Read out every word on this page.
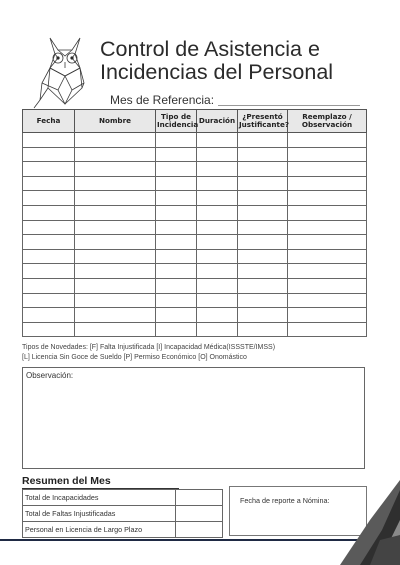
Control de Asistencia e
Incidencias del Personal
Mes de Referencia:
Fecha	Nombre	Tipo de Incidencia	Duración	¿Presentó Justificante?	Reemplazo / Observación

Tipos de Novedades: [F] Falta Injustificada [I] Incapacidad Médica(ISSSTE/IMSS)
[L] Licencia Sin Goce de Sueldo [P] Permiso Económico [O] Onomástico
Observación:
Resumen del Mes
Total de Incapacidades	
Total de Faltas Injustificadas	
Personal en Licencia de Largo Plazo	
Fecha de reporte a Nómina:
